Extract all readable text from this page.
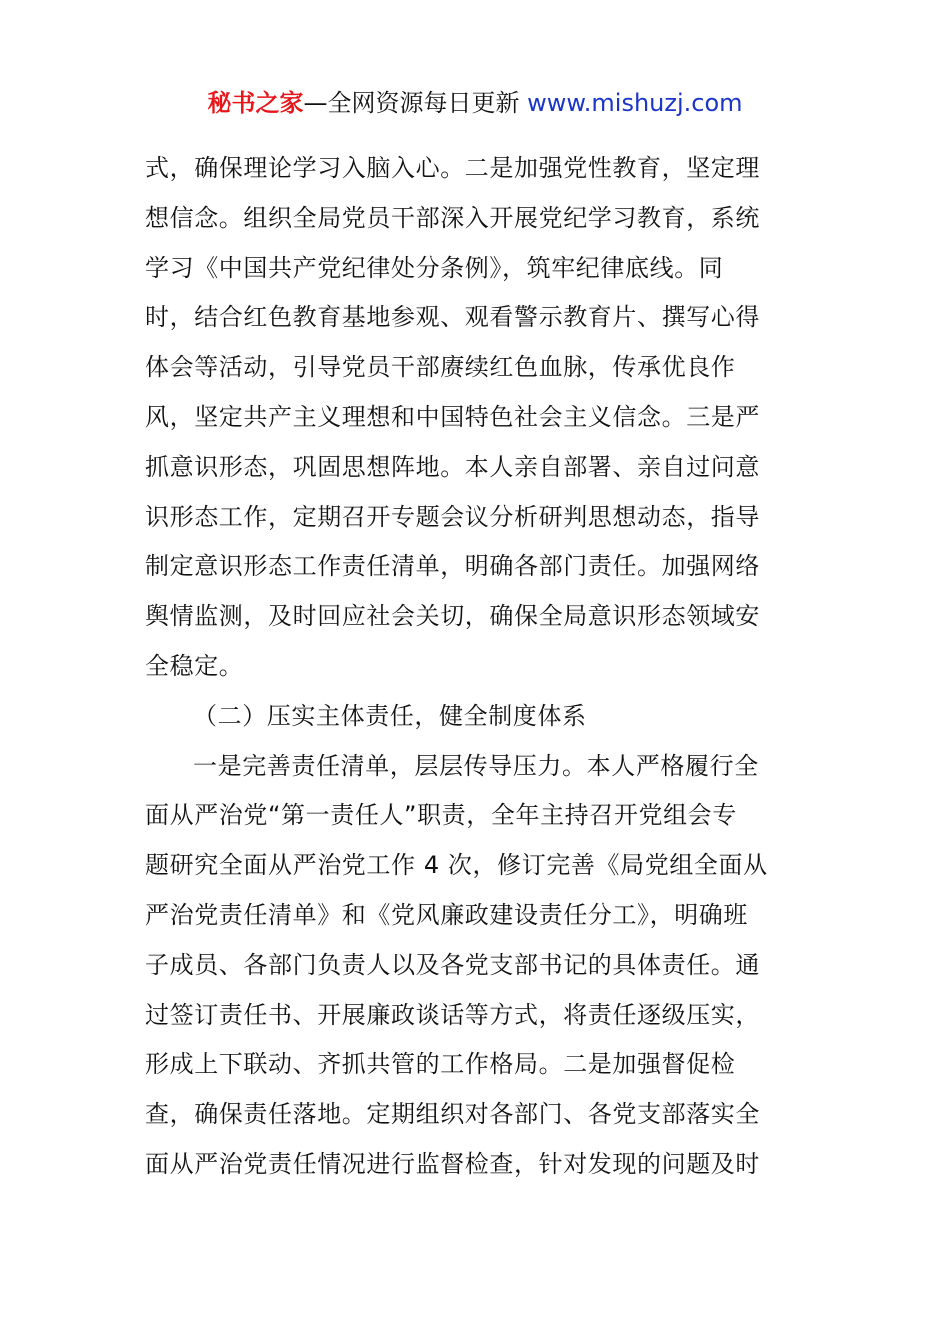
秘书之家—全网资源每日更新 www.mishuzj.com
式，确保理论学习入脑入心。二是加强党性教育，坚定理
想信念。组织全局党员干部深入开展党纪学习教育，系统
学习《中国共产党纪律处分条例》，筑牢纪律底线。同
时，结合红色教育基地参观、观看警示教育片、撰写心得
体会等活动，引导党员干部赓续红色血脉，传承优良作
风，坚定共产主义理想和中国特色社会主义信念。三是严
抓意识形态，巩固思想阵地。本人亲自部署、亲自过问意
识形态工作，定期召开专题会议分析研判思想动态，指导
制定意识形态工作责任清单，明确各部门责任。加强网络
舆情监测，及时回应社会关切，确保全局意识形态领域安
全稳定。
（二）压实主体责任，健全制度体系
一是完善责任清单，层层传导压力。本人严格履行全
面从严治党“第一责任人”职责，全年主持召开党组会专
题研究全面从严治党工作 4 次，修订完善《局党组全面从
严治党责任清单》和《党风廉政建设责任分工》，明确班
子成员、各部门负责人以及各党支部书记的具体责任。通
过签订责任书、开展廉政谈话等方式，将责任逐级压实，
形成上下联动、齐抓共管的工作格局。二是加强督促检
查，确保责任落地。定期组织对各部门、各党支部落实全
面从严治党责任情况进行监督检查，针对发现的问题及时
